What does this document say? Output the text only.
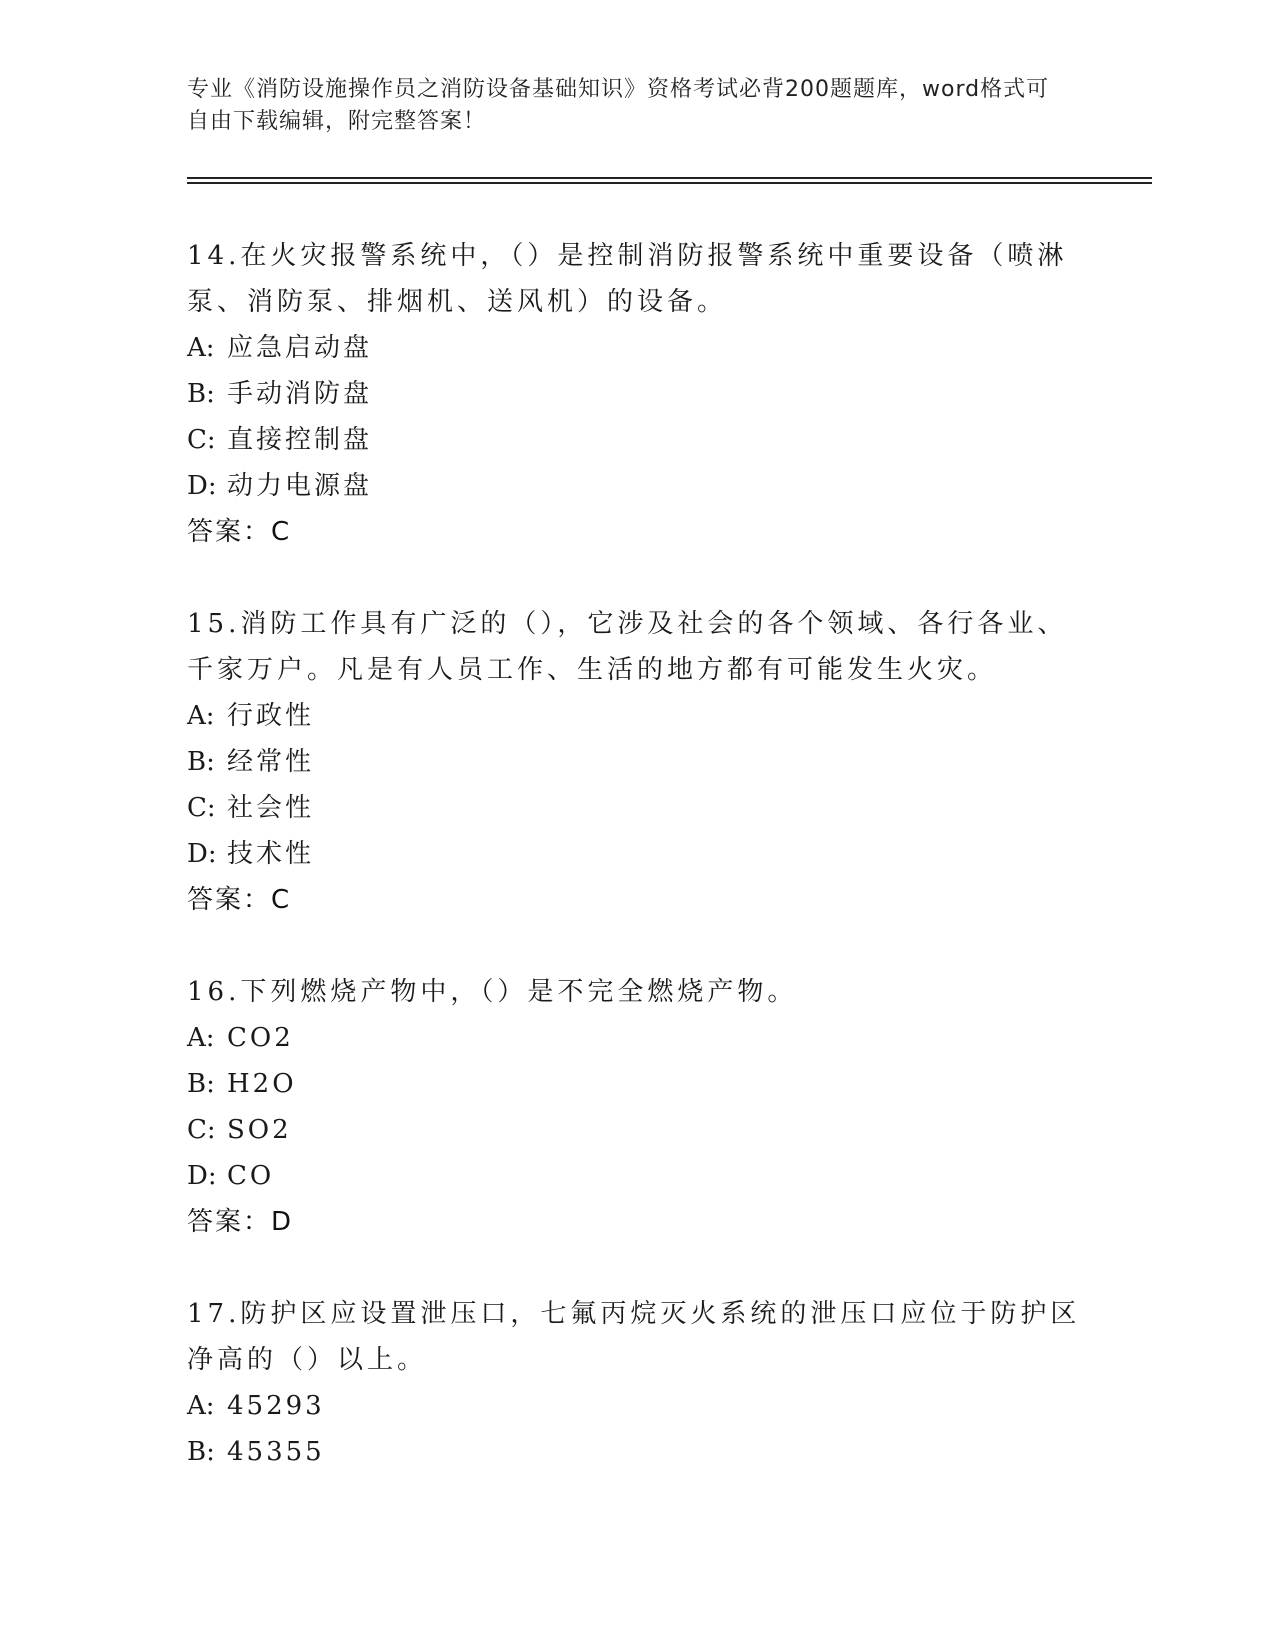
专业《消防设施操作员之消防设备基础知识》资格考试必背200题题库，word格式可自由下载编辑，附完整答案！

14.在火灾报警系统中，（）是控制消防报警系统中重要设备（喷淋泵、消防泵、排烟机、送风机）的设备。

A: 应急启动盘

B: 手动消防盘

C: 直接控制盘

D: 动力电源盘

答案：C

15.消防工作具有广泛的（），它涉及社会的各个领域、各行各业、千家万户。凡是有人员工作、生活的地方都有可能发生火灾。

A: 行政性

B: 经常性

C: 社会性

D: 技术性

答案：C

16.下列燃烧产物中，（）是不完全燃烧产物。

A: CO2

B: H2O

C: SO2

D: CO

答案：D

17.防护区应设置泄压口，七氟丙烷灭火系统的泄压口应位于防护区净高的（）以上。

A: 45293

B: 45355
